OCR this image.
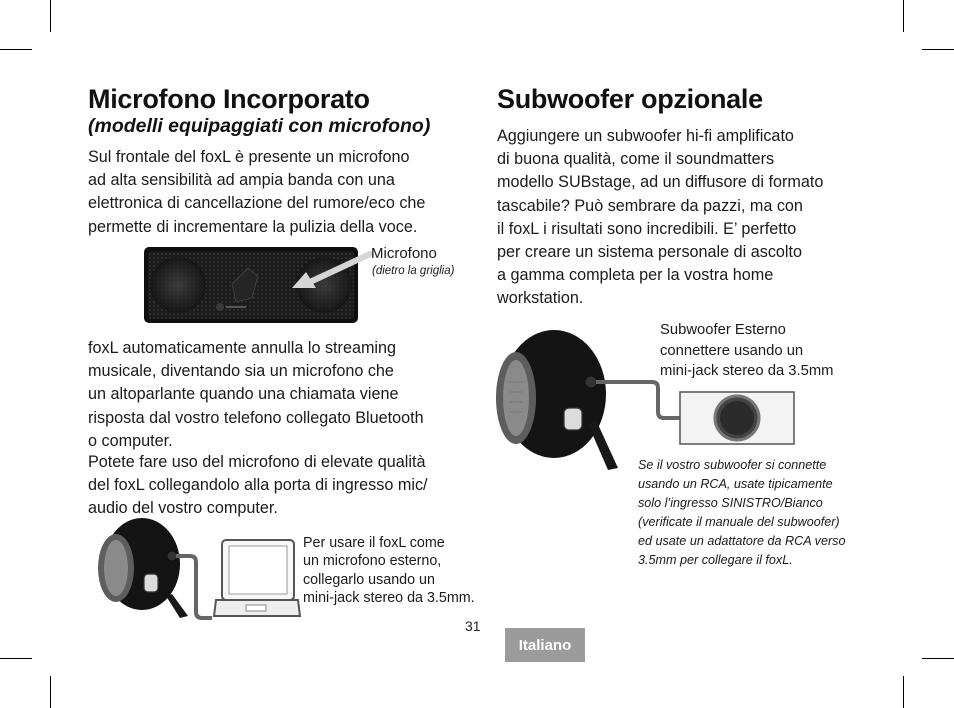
Microfono Incorporato

(modelli equipaggiati con microfono)

Sul frontale del foxL è presente un microfono
ad alta sensibilità ad ampia banda con una
elettronica di cancellazione del rumore/eco che
permette di incrementare la pulizia della voce.

Microfono

(dietro la griglia)

foxL automaticamente annulla lo streaming
musicale, diventando sia un microfono che
un altoparlante quando una chiamata viene
risposta dal vostro telefono collegato Bluetooth
o computer.

Potete fare uso del microfono di elevate qualità
del foxL collegandolo alla porta di ingresso mic/
audio del vostro computer.

Per usare il foxL come
un microfono esterno,
collegarlo usando un
mini-jack stereo da 3.5mm.

Subwoofer opzionale

Aggiungere un subwoofer hi-fi amplificato
di buona qualità, come il soundmatters
modello SUBstage, ad un diffusore di formato
tascabile? Può sembrare da pazzi, ma con
il foxL i risultati sono incredibili. E’ perfetto
per creare un sistema personale di ascolto
a gamma completa per la vostra home
workstation.

Subwoofer Esterno
connettere usando un
mini-jack stereo da 3.5mm

Se il vostro subwoofer si connette
usando un RCA, usate tipicamente
solo l’ingresso SINISTRO/Bianco
(verificate il manuale del subwoofer)
ed usate un adattatore da RCA verso
3.5mm per collegare il foxL.

31
Italiano
